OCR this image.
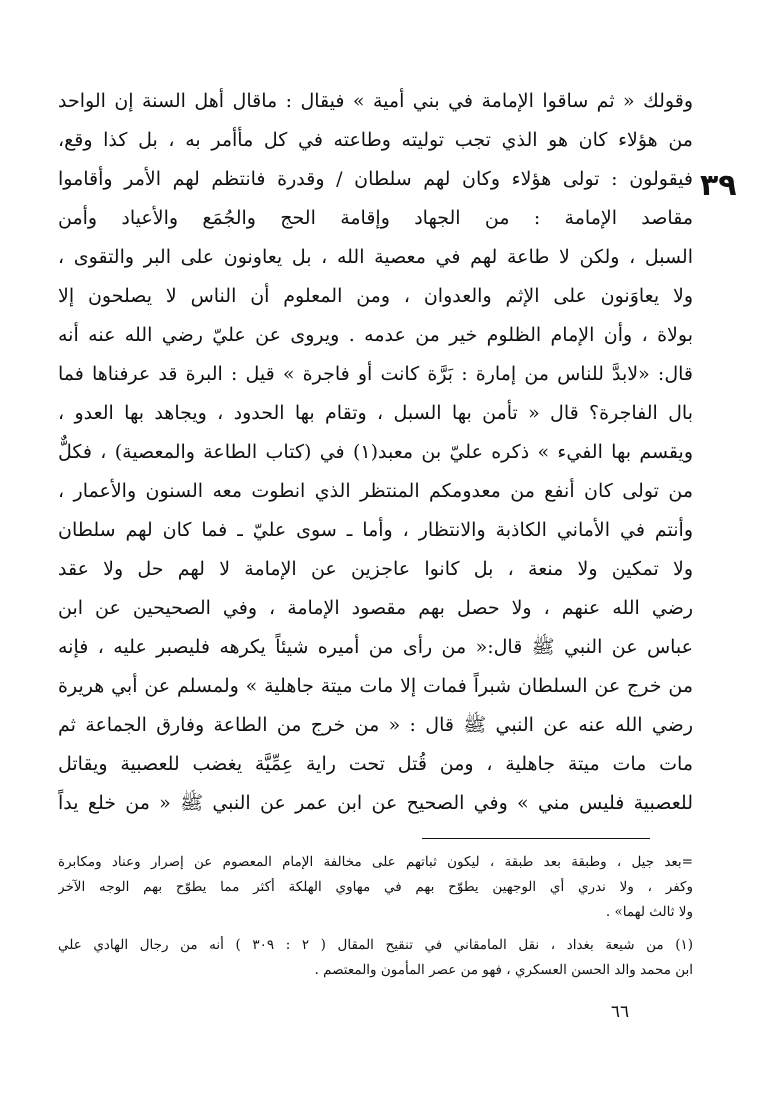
٣٩
وقولك « ثم ساقوا الإمامة في بني أمية » فيقال : ماقال أهل السنة إن الواحد
من هؤلاء كان هو الذي تجب توليته وطاعته في كل مأأمر به ، بل كذا وقع،
فيقولون : تولى هؤلاء وكان لهم سلطان / وقدرة فانتظم لهم الأمر وأقاموا
مقاصد الإمامة : من الجهاد وإقامة الحج والجُمَع والأعياد وأمن
السبل ، ولكن لا طاعة لهم في معصية الله ، بل يعاونون على البر والتقوى ،
ولا يعاوَنون على الإثم والعدوان ، ومن المعلوم أن الناس لا يصلحون إلا
بولاة ، وأن الإمام الظلوم خير من عدمه . ويروى عن عليّ رضي الله عنه أنه
قال: «لابدَّ للناس من إمارة : بَرَّة كانت أو فاجرة » قيل : البرة قد عرفناها فما
بال الفاجرة؟ قال « تأمن بها السبل ، وتقام بها الحدود ، ويجاهد بها العدو ،
ويقسم بها الفيء » ذكره عليّ بن معبد(١) في (كتاب الطاعة والمعصية) ، فكلٌّ
من تولى كان أنفع من معدومكم المنتظر الذي انطوت معه السنون والأعمار ،
وأنتم في الأماني الكاذبة والانتظار ، وأما ـ سوى عليّ ـ فما كان لهم سلطان
ولا تمكين ولا منعة ، بل كانوا عاجزين عن الإمامة لا لهم حل ولا عقد
رضي الله عنهم ، ولا حصل بهم مقصود الإمامة ، وفي الصحيحين عن ابن
عباس عن النبي ﷺ قال:« من رأى من أميره شيئاً يكرهه فليصبر عليه ، فإنه
من خرج عن السلطان شبراً فمات إلا مات ميتة جاهلية » ولمسلم عن أبي هريرة
رضي الله عنه عن النبي ﷺ قال : « من خرج من الطاعة وفارق الجماعة ثم
مات مات ميتة جاهلية ، ومن قُتل تحت راية عِمِّيَّة يغضب للعصبية ويقاتل
للعصبية فليس مني » وفي الصحيح عن ابن عمر عن النبي ﷺ « من خلع يداً
=بعد جيل ، وطبقة بعد طبقة ، ليكون ثباتهم على مخالفة الإمام المعصوم عن إصرار وعناد ومكابرة
وكفر ، ولا ندري أي الوجهين يطوّح بهم في مهاوي الهلكة أكثر مما يطوّح بهم الوجه الآخر
ولا ثالث لهما» .
(١) من شيعة بغداد ، نقل المامقاني في تنقيح المقال ( ٢ : ٣٠٩ ) أنه من رجال الهادي علي
ابن محمد والد الحسن العسكري ، فهو من عصر المأمون والمعتصم .
٦٦
